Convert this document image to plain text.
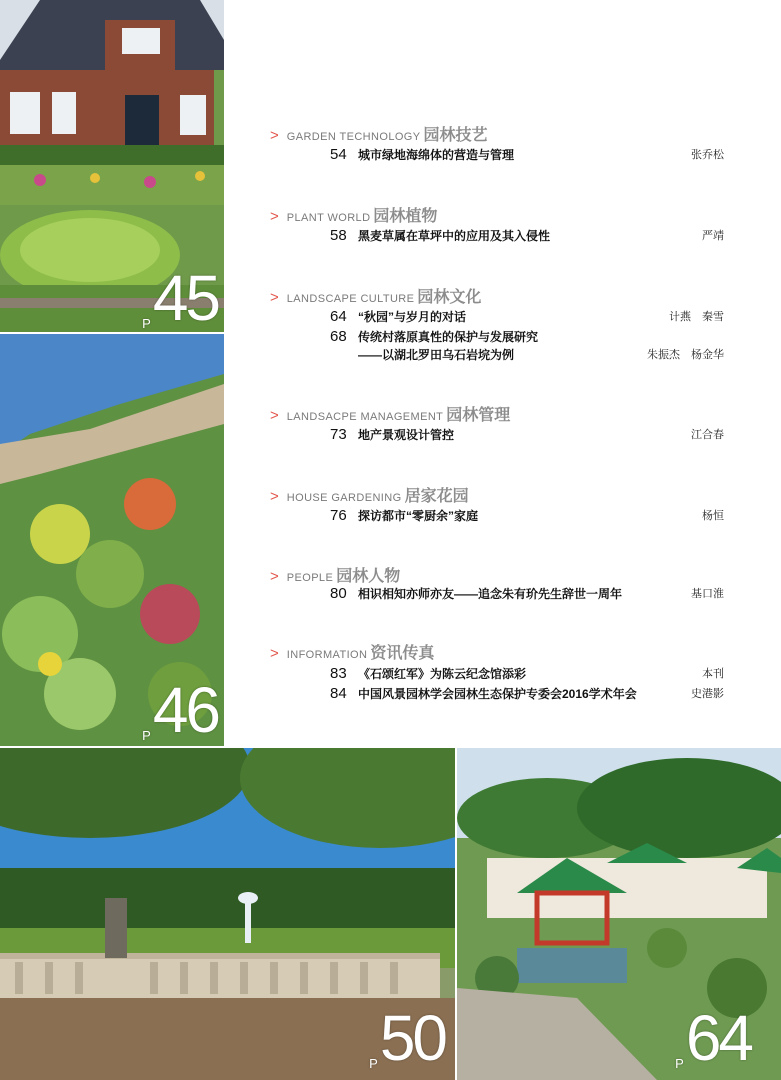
P45
P46
P50	P64
> GARDEN TECHNOLOGY 园林技艺
54 城市绿地海绵体的营造与管理	张乔松
> PLANT WORLD 园林植物
58 黑麦草属在草坪中的应用及其入侵性	严靖
> LANDSCAPE CULTURE 园林文化
64 “秋园”与岁月的对话	计燕　秦雪
68 传统村落原真性的保护与发展研究
——以湖北罗田乌石岩垸为例	朱振杰　杨金华
> LANDSACPE MANAGEMENT 园林管理
73 地产景观设计管控	江合春
> HOUSE GARDENING 居家花园
76 探访都市“零厨余”家庭	杨恒
> PEOPLE 园林人物
80 相识相知亦师亦友——追念朱有玠先生辞世一周年	基口淮
> INFORMATION 资讯传真
83 《石颂红军》为陈云纪念馆添彩	本刊
84 中国风景园林学会园林生态保护专委会2016学术年会	史港影
